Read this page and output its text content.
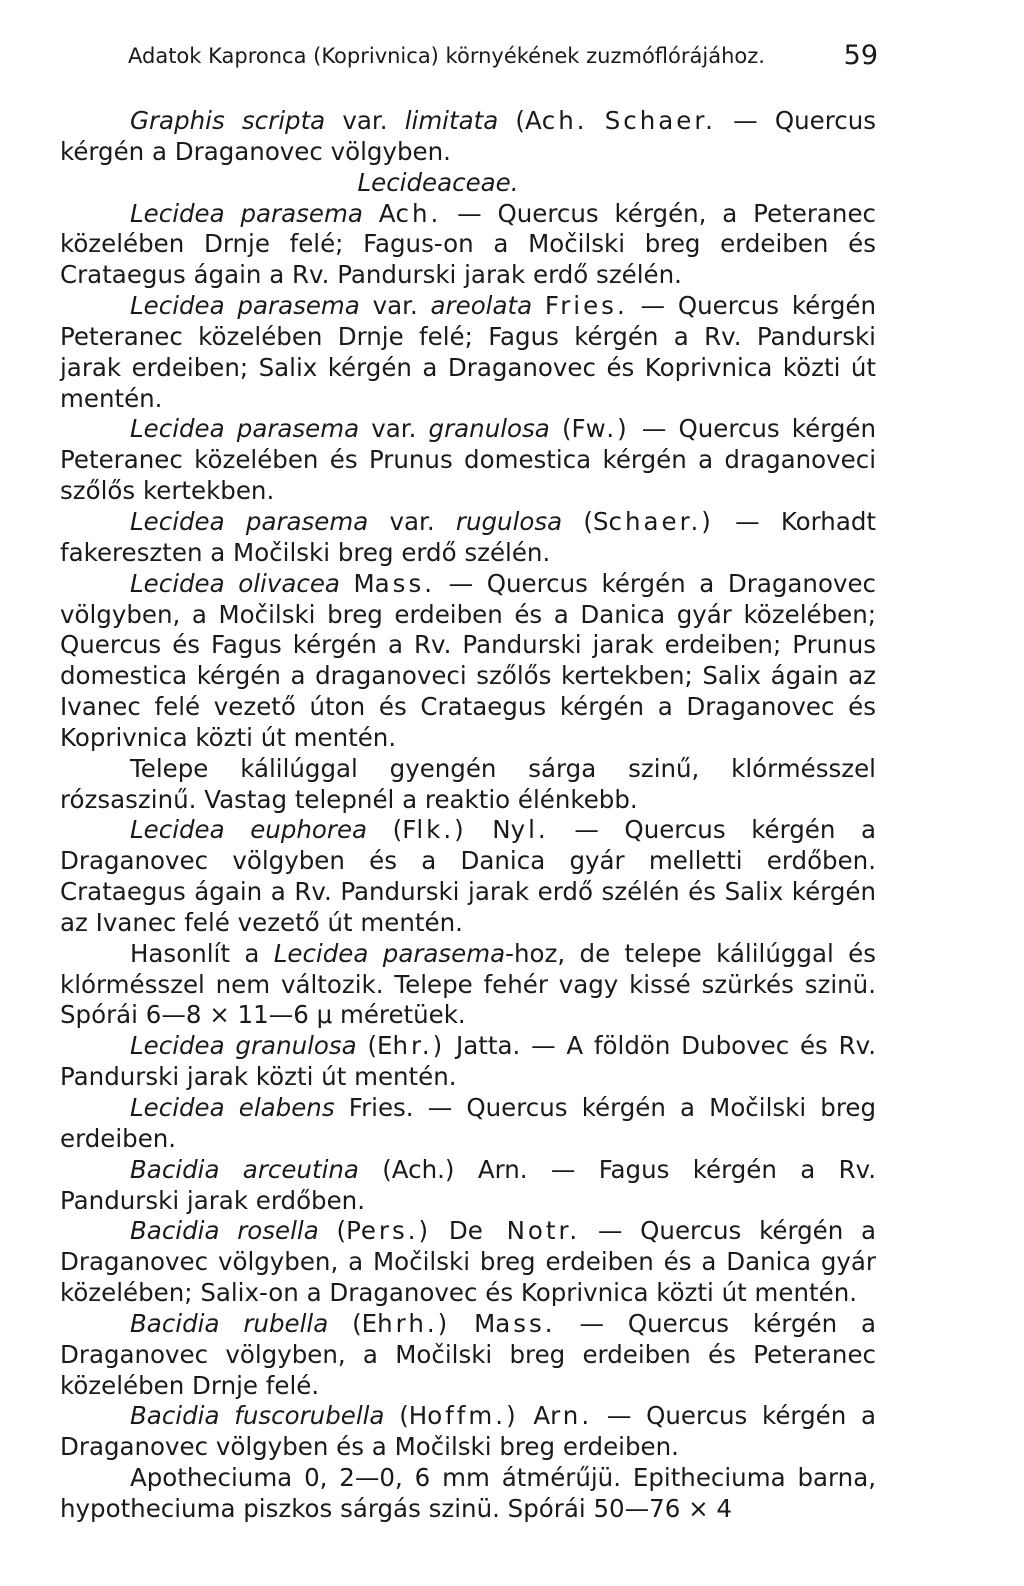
Adatok Kapronca (Koprivnica) környékének zuzmóflórájához.	59

Graphis scripta var. limitata (Ach. Schaer. — Quercus kérgén a Draganovec völgyben.

Lecideaceae.

Lecidea parasema Ach. — Quercus kérgén, a Peteranec közelében Drnje felé; Fagus-on a Močilski breg erdeiben és Crataegus ágain a Rv. Pandurski jarak erdő szélén.

Lecidea parasema var. areolata Fries. — Quercus kérgén Peteranec közelében Drnje felé; Fagus kérgén a Rv. Pandurski jarak erdeiben; Salix kérgén a Draganovec és Koprivnica közti út mentén.

Lecidea parasema var. granulosa (Fw.) — Quercus kérgén Peteranec közelében és Prunus domestica kérgén a draganoveci szőlős kertekben.

Lecidea parasema var. rugulosa (Schaer.) — Korhadt fakereszten a Močilski breg erdő szélén.

Lecidea olivacea Mass. — Quercus kérgén a Draganovec völgyben, a Močilski breg erdeiben és a Danica gyár közelében; Quercus és Fagus kérgén a Rv. Pandurski jarak erdeiben; Prunus domestica kérgén a draganoveci szőlős kertekben; Salix ágain az Ivanec felé vezető úton és Crataegus kérgén a Draganovec és Koprivnica közti út mentén.

Telepe kálilúggal gyengén sárga szinű, klórmésszel rózsaszinű. Vastag telepnél a reaktio élénkebb.

Lecidea euphorea (Flk.) Nyl. — Quercus kérgén a Draganovec völgyben és a Danica gyár melletti erdőben. Crataegus ágain a Rv. Pandurski jarak erdő szélén és Salix kérgén az Ivanec felé vezető út mentén.

Hasonlít a Lecidea parasema-hoz, de telepe kálilúggal és klórmésszel nem változik. Telepe fehér vagy kissé szürkés szinü. Spórái 6—8 × 11—6 μ méretüek.

Lecidea granulosa (Ehr.) Jatta. — A földön Dubovec és Rv. Pandurski jarak közti út mentén.

Lecidea elabens Fries. — Quercus kérgén a Močilski breg erdeiben.

Bacidia arceutina (Ach.) Arn. — Fagus kérgén a Rv. Pandurski jarak erdőben.

Bacidia rosella (Pers.) De Notr. — Quercus kérgén a Draganovec völgyben, a Močilski breg erdeiben és a Danica gyár közelében; Salix-on a Draganovec és Koprivnica közti út mentén.

Bacidia rubella (Ehrh.) Mass. — Quercus kérgén a Draganovec völgyben, a Močilski breg erdeiben és Peteranec közelében Drnje felé.

Bacidia fuscorubella (Hoffm.) Arn. — Quercus kérgén a Draganovec völgyben és a Močilski breg erdeiben.

Apotheciuma 0, 2—0, 6 mm átmérűjü. Epitheciuma barna, hypotheciuma piszkos sárgás szinü. Spórái 50—76 × 4
